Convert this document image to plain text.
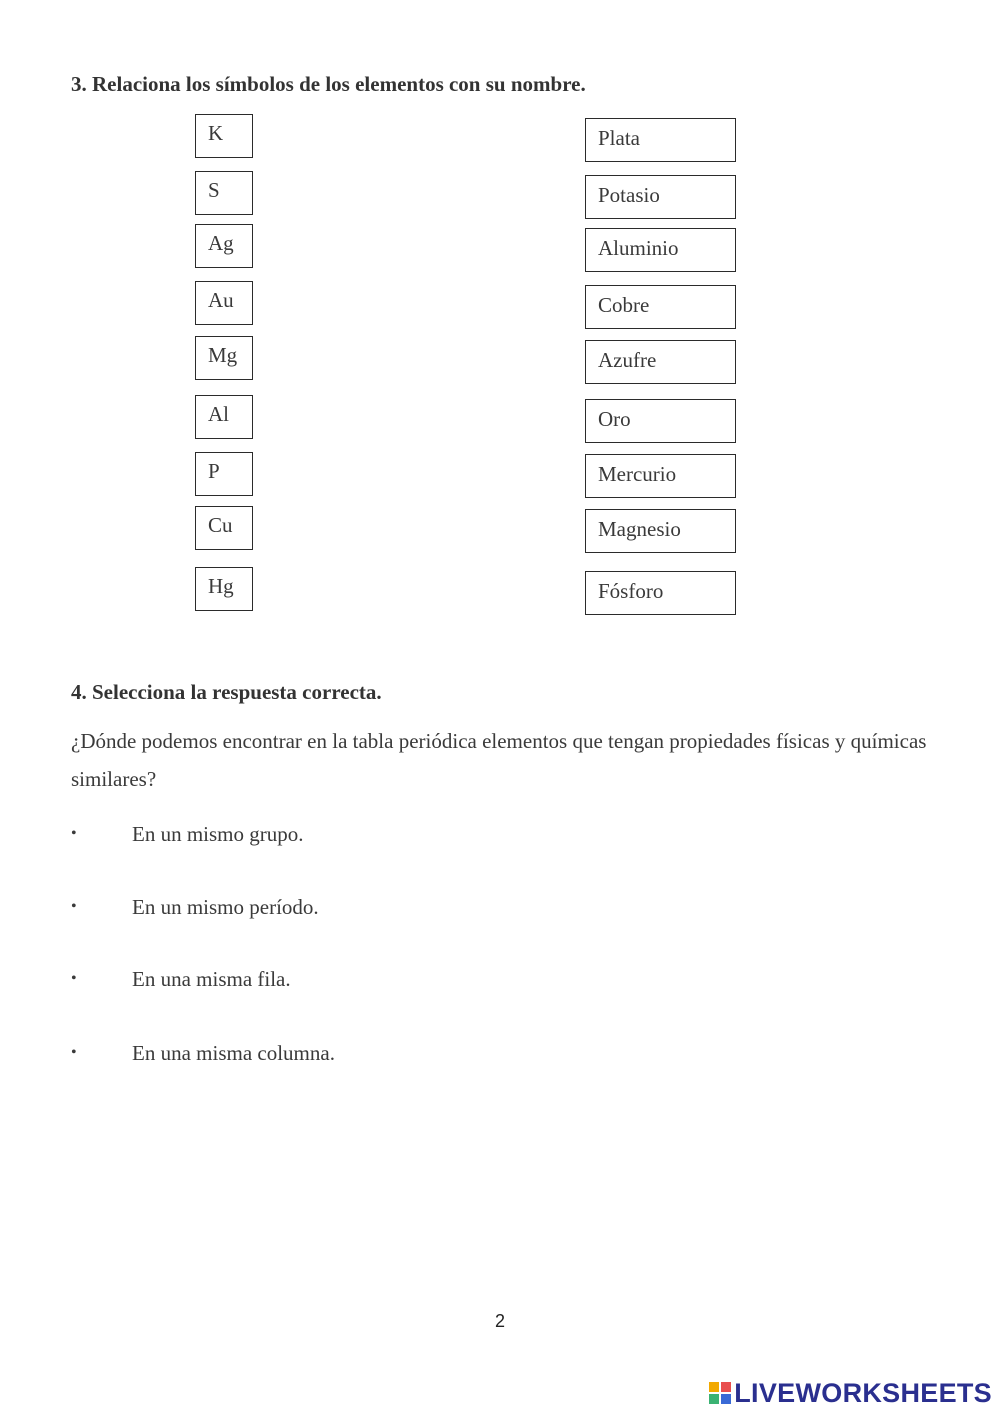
3. Relaciona los símbolos de los elementos con su nombre.
K
S
Ag
Au
Mg
Al
P
Cu
Hg
Plata
Potasio
Aluminio
Cobre
Azufre
Oro
Mercurio
Magnesio
Fósforo
4. Selecciona la respuesta correcta.

¿Dónde podemos encontrar en la tabla periódica elementos que tengan propiedades físicas y químicas similares?

•	En un mismo grupo.
•	En un mismo período.
•	En una misma fila.
•	En una misma columna.
2
LIVEWORKSHEETS
